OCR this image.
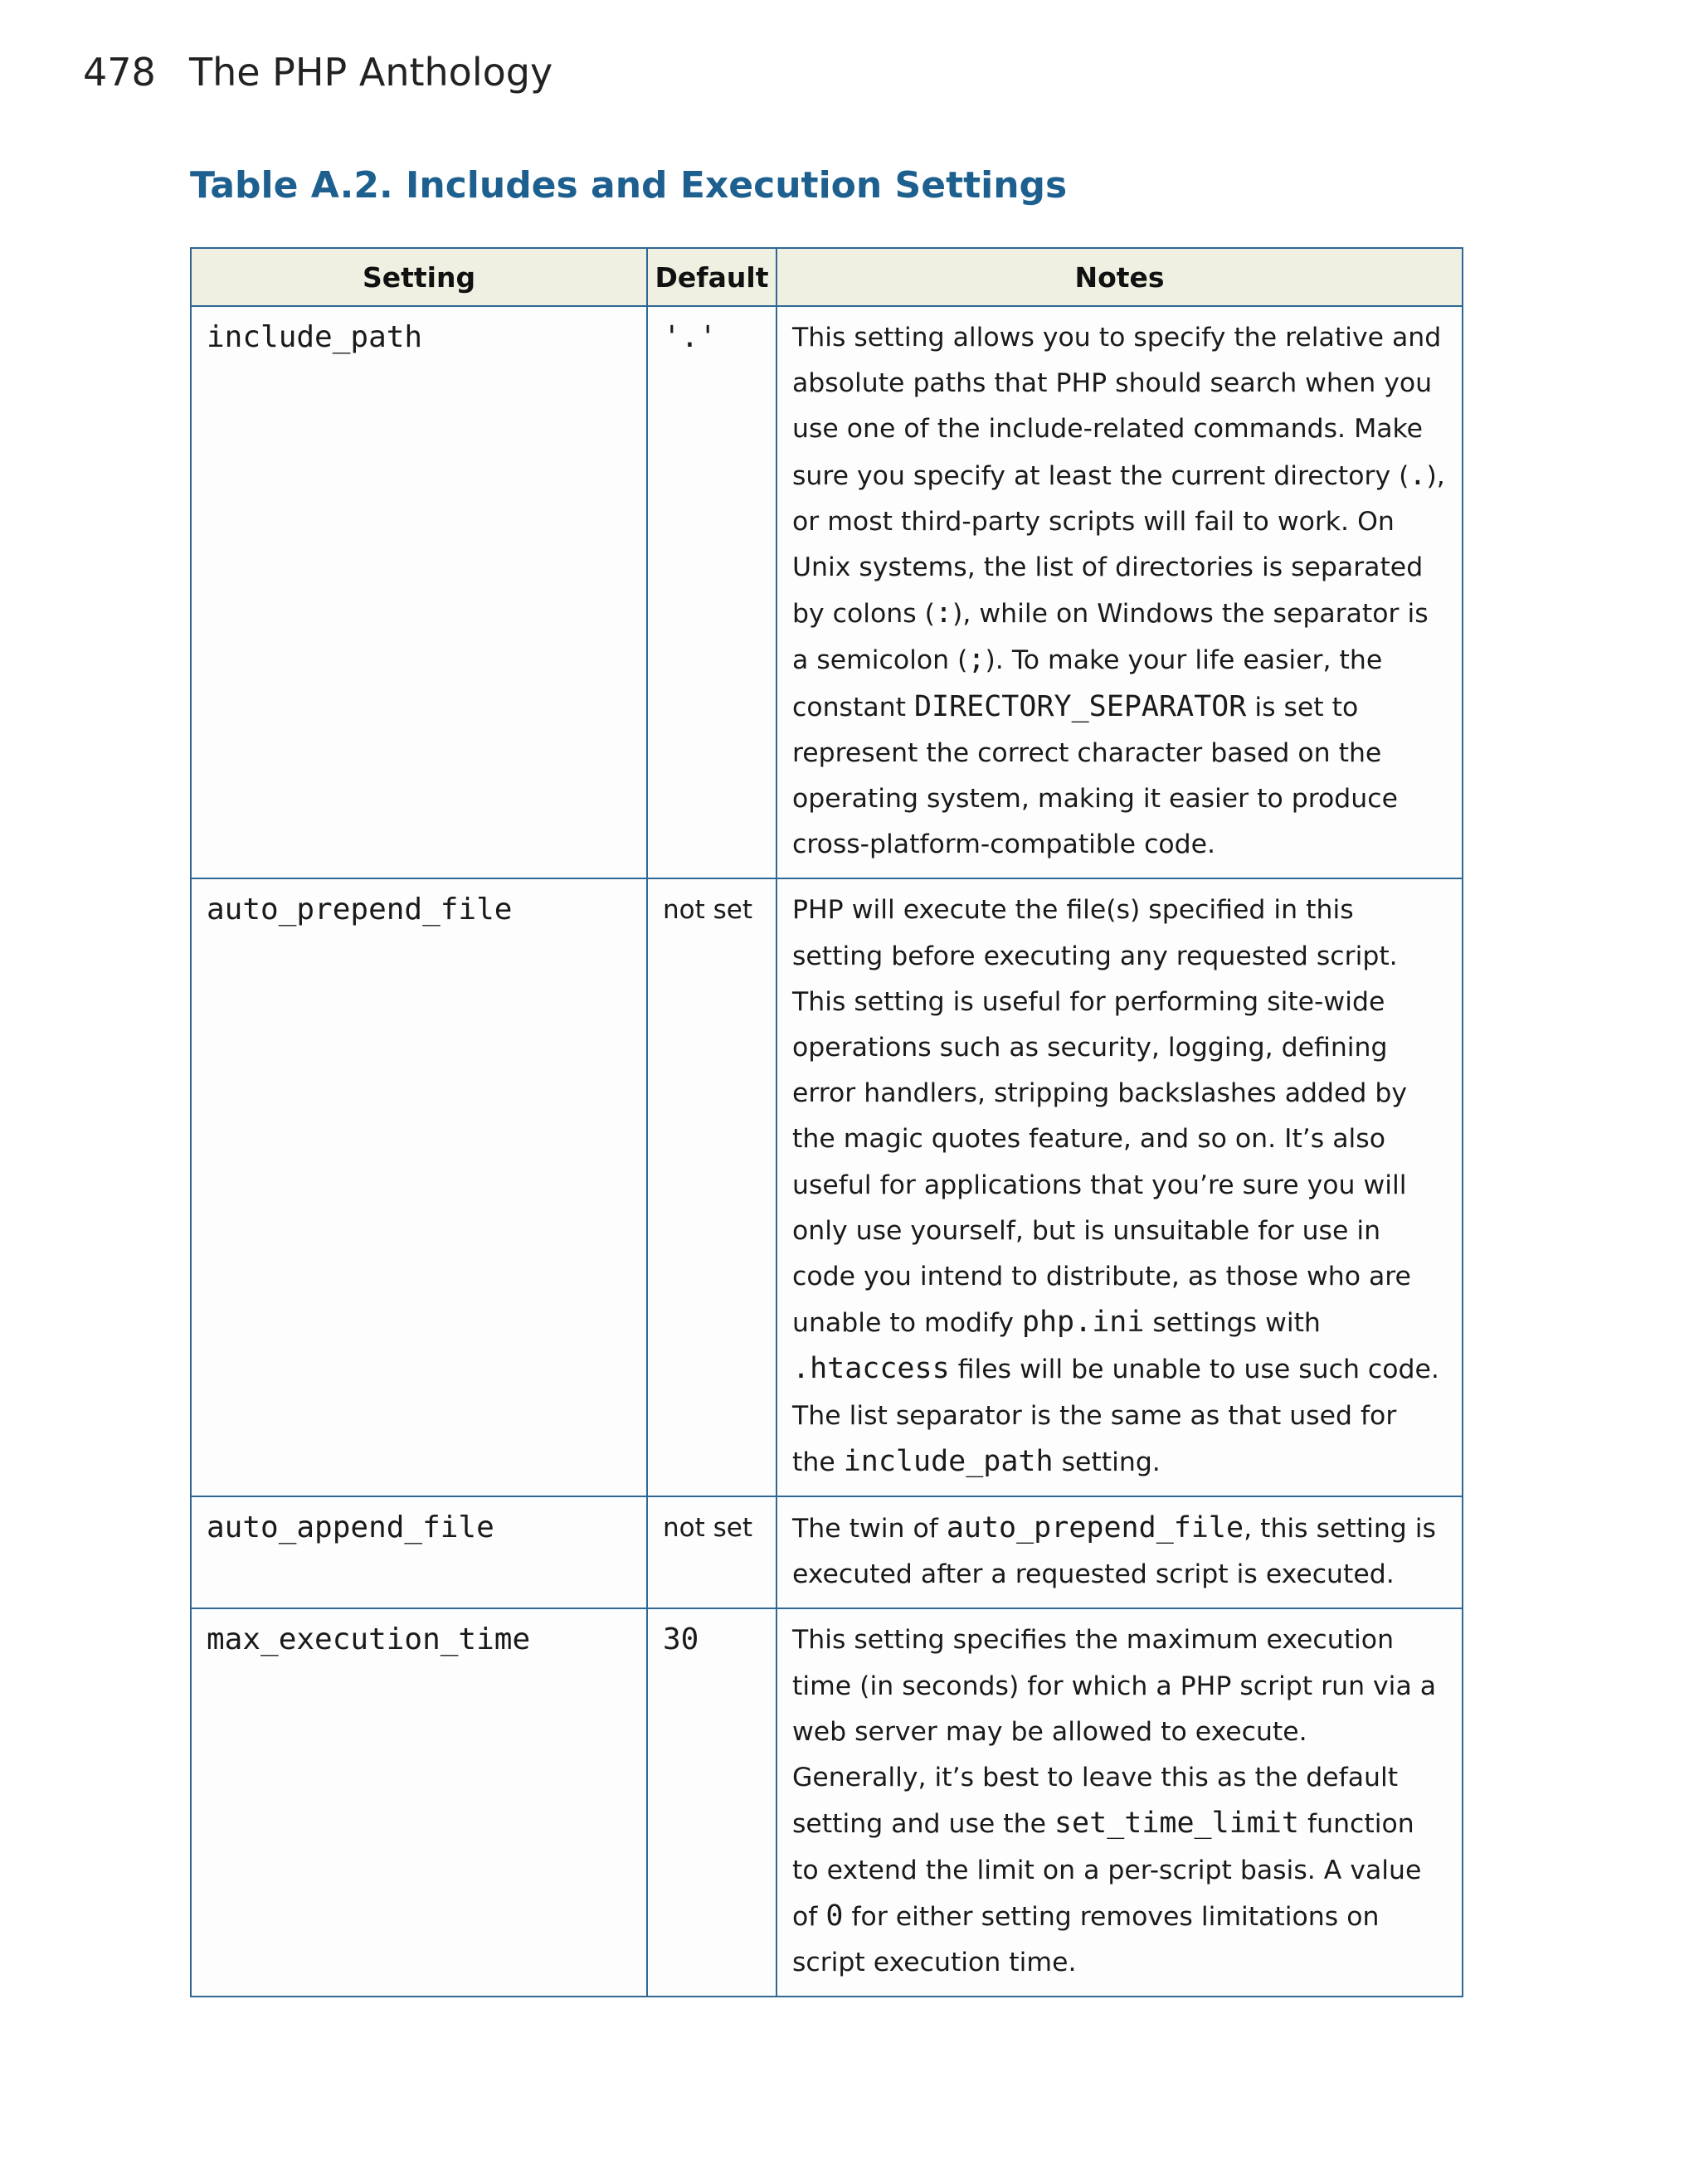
478 The PHP Anthology
Table A.2. Includes and Execution Settings
Setting	Default	Notes
include_path	'.'	This setting allows you to specify the relative and absolute paths that PHP should search when you use one of the include-related commands. Make sure you specify at least the current directory (.), or most third-party scripts will fail to work. On Unix systems, the list of directories is separated by colons (:), while on Windows the separator is a semicolon (;). To make your life easier, the constant DIRECTORY_SEPARATOR is set to represent the correct character based on the operating system, making it easier to produce cross-platform-compatible code.
auto_prepend_file	not set	PHP will execute the file(s) specified in this setting before executing any requested script. This setting is useful for performing site-wide operations such as security, logging, defining error handlers, stripping backslashes added by the magic quotes feature, and so on. It’s also useful for applications that you’re sure you will only use yourself, but is unsuitable for use in code you intend to distribute, as those who are unable to modify php.ini settings with .htaccess files will be unable to use such code. The list separator is the same as that used for the include_path setting.
auto_append_file	not set	The twin of auto_prepend_file, this setting is executed after a requested script is executed.
max_execution_time	30	This setting specifies the maximum execution time (in seconds) for which a PHP script run via a web server may be allowed to execute. Generally, it’s best to leave this as the default setting and use the set_time_limit function to extend the limit on a per-script basis. A value of 0 for either setting removes limitations on script execution time.
